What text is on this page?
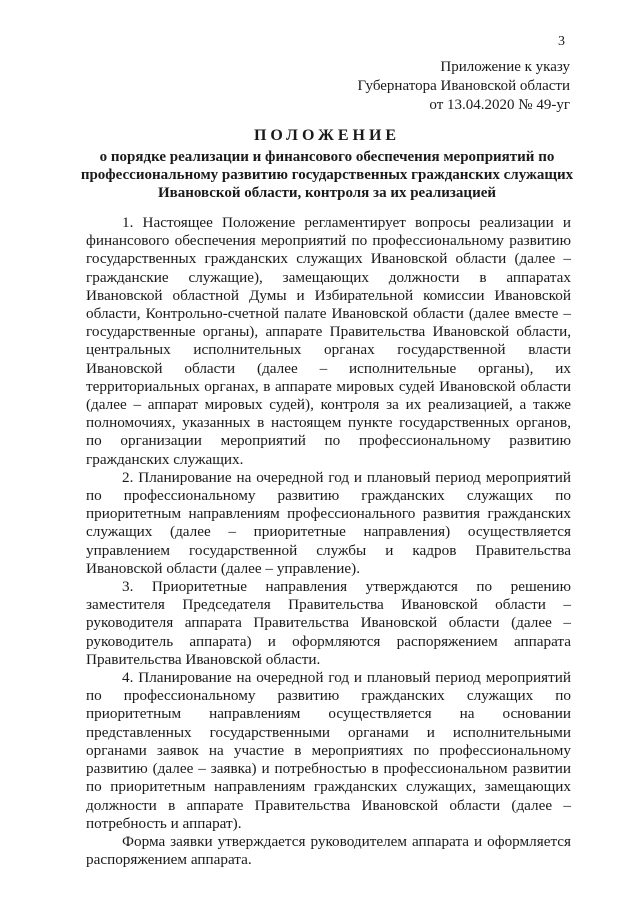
3
Приложение к указу
Губернатора Ивановской области
от 13.04.2020 № 49-уг
ПОЛОЖЕНИЕ
о порядке реализации и финансового обеспечения мероприятий по профессиональному развитию государственных гражданских служащих Ивановской области, контроля за их реализацией

1. Настоящее Положение регламентирует вопросы реализации и финансового обеспечения мероприятий по профессиональному развитию государственных гражданских служащих Ивановской области (далее – гражданские служащие), замещающих должности в аппаратах Ивановской областной Думы и Избирательной комиссии Ивановской области, Контрольно-счетной палате Ивановской области (далее вместе – государственные органы), аппарате Правительства Ивановской области, центральных исполнительных органах государственной власти Ивановской области (далее – исполнительные органы), их территориальных органах, в аппарате мировых судей Ивановской области (далее – аппарат мировых судей), контроля за их реализацией, а также полномочиях, указанных в настоящем пункте государственных органов, по организации мероприятий по профессиональному развитию гражданских служащих.

2. Планирование на очередной год и плановый период мероприятий по профессиональному развитию гражданских служащих по приоритетным направлениям профессионального развития гражданских служащих (далее – приоритетные направления) осуществляется управлением государственной службы и кадров Правительства Ивановской области (далее – управление).

3. Приоритетные направления утверждаются по решению заместителя Председателя Правительства Ивановской области – руководителя аппарата Правительства Ивановской области (далее – руководитель аппарата) и оформляются распоряжением аппарата Правительства Ивановской области.

4. Планирование на очередной год и плановый период мероприятий по профессиональному развитию гражданских служащих по приоритетным направлениям осуществляется на основании представленных государственными органами и исполнительными органами заявок на участие в мероприятиях по профессиональному развитию (далее – заявка) и потребностью в профессиональном развитии по приоритетным направлениям гражданских служащих, замещающих должности в аппарате Правительства Ивановской области (далее – потребность и аппарат).

Форма заявки утверждается руководителем аппарата и оформляется распоряжением аппарата.
